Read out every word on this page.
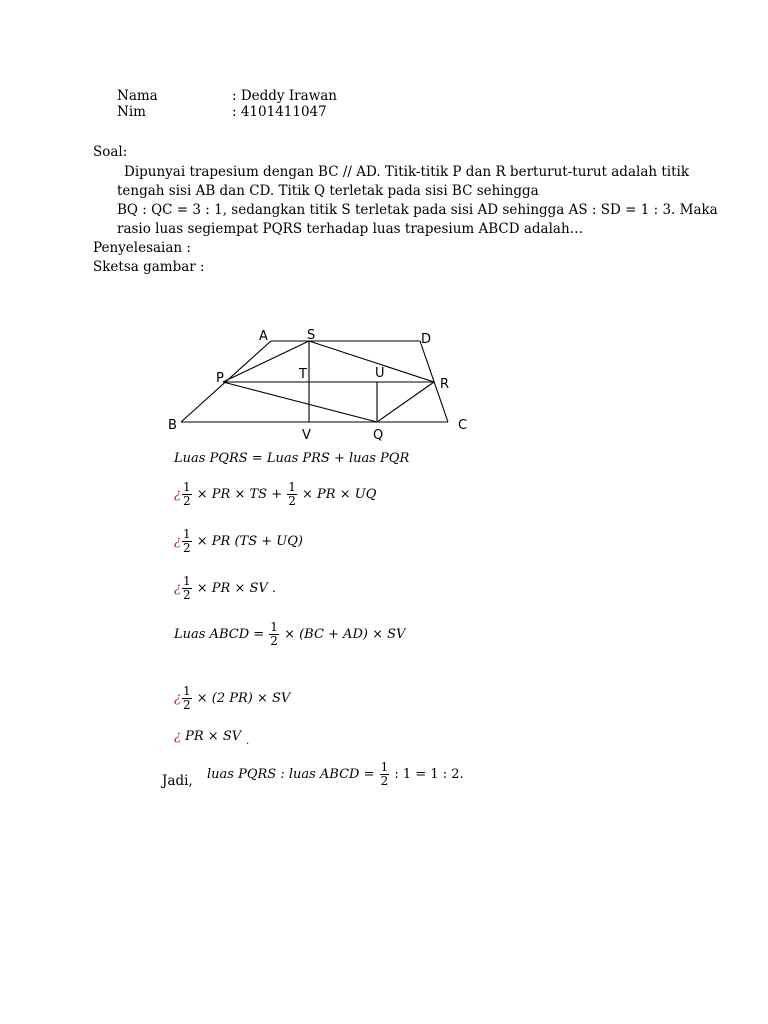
Nama	: Deddy Irawan
Nim	: 4101411047
Soal:
Dipunyai trapesium dengan BC // AD. Titik-titik P dan R berturut-turut adalah titik
tengah sisi AB dan CD. Titik Q terletak pada sisi BC sehingga
BQ : QC = 3 : 1, sedangkan titik S terletak pada sisi AD sehingga AS : SD = 1 : 3. Maka
rasio luas segiempat PQRS terhadap luas trapesium ABCD adalah…
Penyelesaian :
Sketsa gambar :
A	S	D
P	T	U
R
B
V	Q
C
Luas PQRS = Luas PRS + luas PQR
¿ $\frac{1}{2}$ × PR × TS + $\frac{1}{2}$ × PR × UQ
¿ $\frac{1}{2}$ × PR (TS + UQ)
¿ $\frac{1}{2}$ × PR × SV .
Luas ABCD = $\frac{1}{2} \times (BC + AD)$ × SV
¿ $\frac{1}{2} \times (2$ PR) × SV
¿ PR × SV .
Jadi, luas PQRS : luas ABCD = $\frac{1}{2}$ : 1 = 1 : 2.
